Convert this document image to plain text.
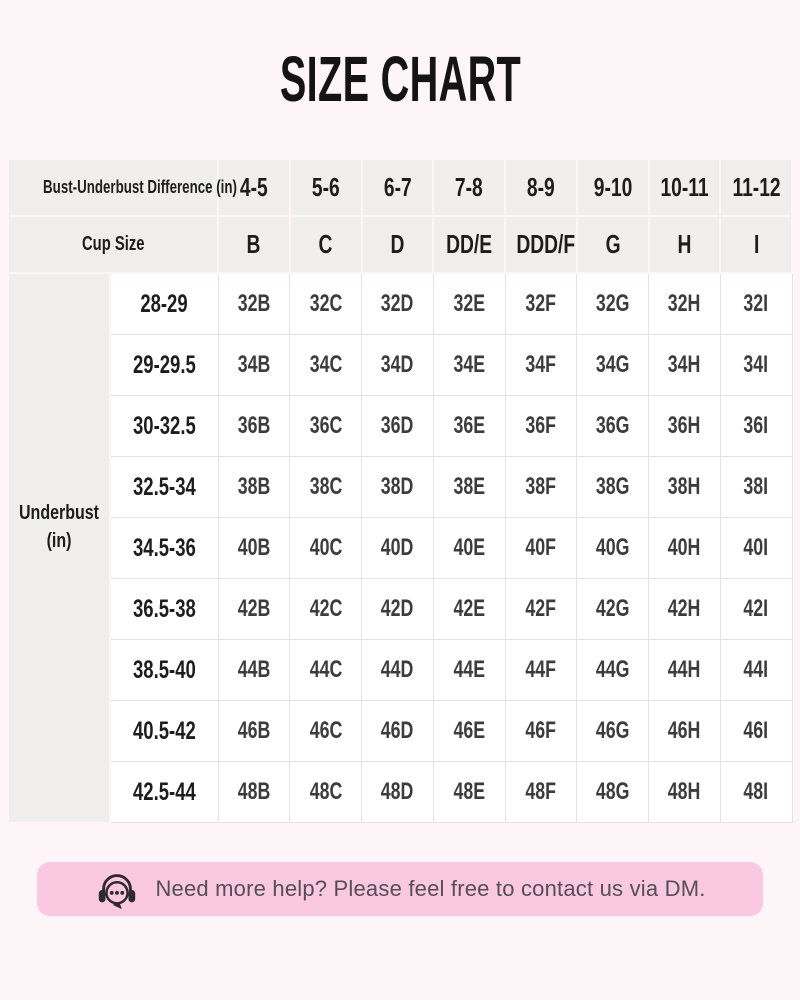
SIZE CHART
Bust-Underbust Difference (in)		4-5	5-6	6-7	7-8	8-9	9-10	10-11	11-12
Cup Size		B	C	D	DD/E	DDD/F	G	H	I

Underbust
(in)	28-29	32B	32C	32D	32E	32F	32G	32H	32I
	29-29.5	34B	34C	34D	34E	34F	34G	34H	34I
	30-32.5	36B	36C	36D	36E	36F	36G	36H	36I
	32.5-34	38B	38C	38D	38E	38F	38G	38H	38I
	34.5-36	40B	40C	40D	40E	40F	40G	40H	40I
	36.5-38	42B	42C	42D	42E	42F	42G	42H	42I
	38.5-40	44B	44C	44D	44E	44F	44G	44H	44I
	40.5-42	46B	46C	46D	46E	46F	46G	46H	46I
	42.5-44	48B	48C	48D	48E	48F	48G	48H	48I
Need more help? Please feel free to contact us via DM.
